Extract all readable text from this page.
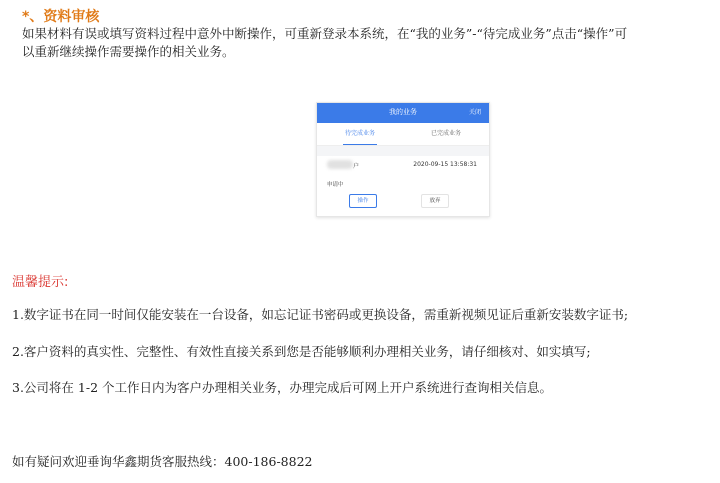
*、资料审核
如果材料有误或填写资料过程中意外中断操作，可重新登录本系统，在“我的业务”-“待完成业务”点击“操作”可以重新继续操作需要操作的相关业务。
我的业务	关闭
待完成业务	已完成业务
户	2020-09-15 13:58:31
申请中
操作	放弃
温馨提示:
1.数字证书在同一时间仅能安装在一台设备，如忘记证书密码或更换设备，需重新视频见证后重新安装数字证书;
2.客户资料的真实性、完整性、有效性直接关系到您是否能够顺利办理相关业务，请仔细核对、如实填写;
3.公司将在 1-2 个工作日内为客户办理相关业务，办理完成后可网上开户系统进行查询相关信息。
如有疑问欢迎垂询华鑫期货客服热线：400-186-8822
